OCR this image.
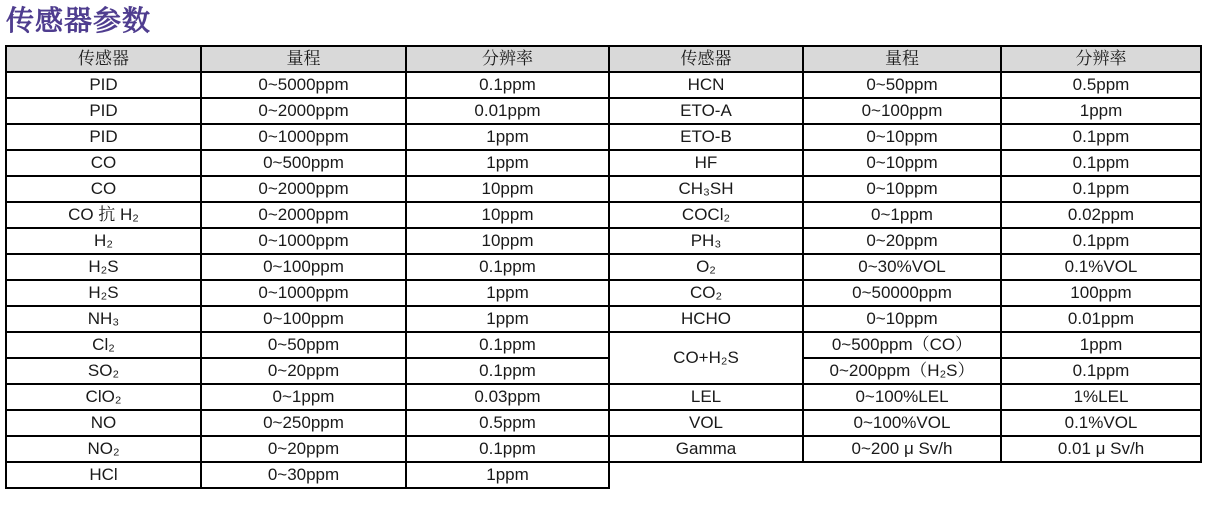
传感器参数
传感器	量程	分辨率	传感器	量程	分辨率
PID	0~5000ppm	0.1ppm	HCN	0~50ppm	0.5ppm
PID	0~2000ppm	0.01ppm	ETO-A	0~100ppm	1ppm
PID	0~1000ppm	1ppm	ETO-B	0~10ppm	0.1ppm
CO	0~500ppm	1ppm	HF	0~10ppm	0.1ppm
CO	0~2000ppm	10ppm	CH₃SH	0~10ppm	0.1ppm
CO 抗 H₂	0~2000ppm	10ppm	COCl₂	0~1ppm	0.02ppm
H₂	0~1000ppm	10ppm	PH₃	0~20ppm	0.1ppm
H₂S	0~100ppm	0.1ppm	O₂	0~30%VOL	0.1%VOL
H₂S	0~1000ppm	1ppm	CO₂	0~50000ppm	100ppm
NH₃	0~100ppm	1ppm	HCHO	0~10ppm	0.01ppm
Cl₂	0~50ppm	0.1ppm	CO+H₂S	0~500ppm（CO）	1ppm
SO₂	0~20ppm	0.1ppm		0~200ppm（H₂S）	0.1ppm
ClO₂	0~1ppm	0.03ppm	LEL	0~100%LEL	1%LEL
NO	0~250ppm	0.5ppm	VOL	0~100%VOL	0.1%VOL
NO₂	0~20ppm	0.1ppm	Gamma	0~200 μ Sv/h	0.01 μ Sv/h
HCl	0~30ppm	1ppm			
